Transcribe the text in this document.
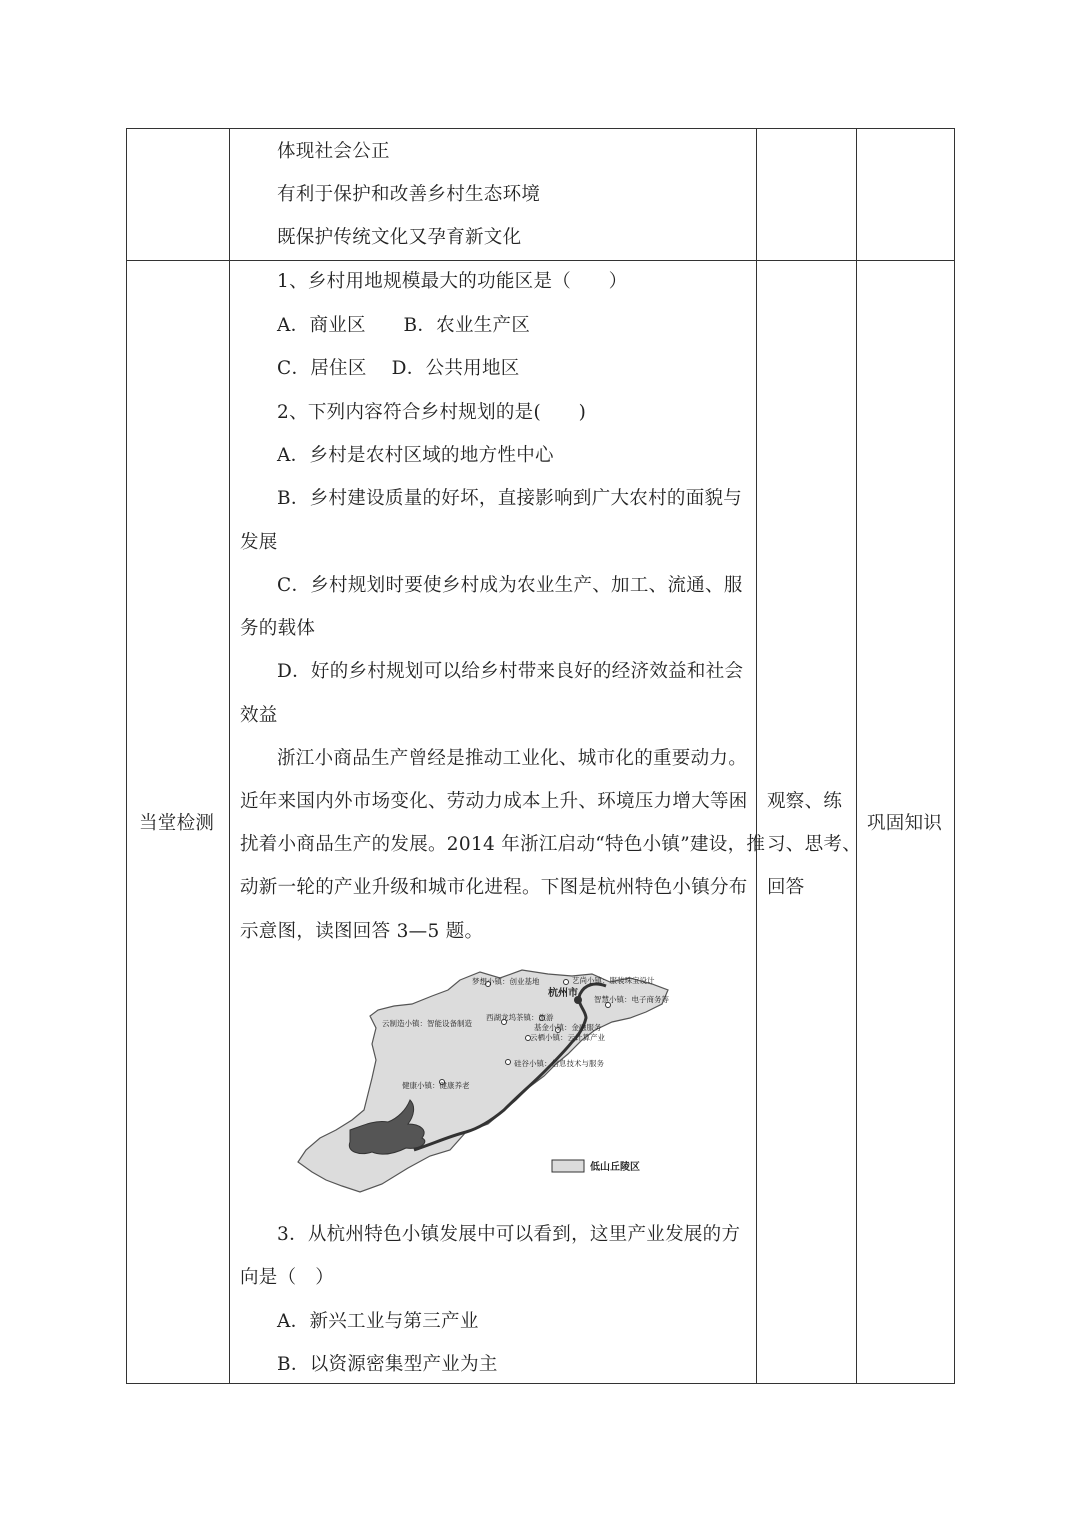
体现社会公正
有利于保护和改善乡村生态环境
既保护传统文化又孕育新文化
当堂检测
1、乡村用地规模最大的功能区是（　　）
A．商业区　　B．农业生产区
C．居住区　 D．公共用地区
2、下列内容符合乡村规划的是(　　)
A．乡村是农村区域的地方性中心
B．乡村建设质量的好坏，直接影响到广大农村的面貌与
发展
C．乡村规划时要使乡村成为农业生产、加工、流通、服
务的载体
D．好的乡村规划可以给乡村带来良好的经济效益和社会
效益
浙江小商品生产曾经是推动工业化、城市化的重要动力。
近年来国内外市场变化、劳动力成本上升、环境压力增大等困
扰着小商品生产的发展。2014 年浙江启动“特色小镇”建设，推
动新一轮的产业升级和城市化进程。下图是杭州特色小镇分布
示意图，读图回答 3—5 题。
3．从杭州特色小镇发展中可以看到，这里产业发展的方
向是（　）
A．新兴工业与第三产业
B．以资源密集型产业为主
观察、练
习、思考、
回答
巩固知识
梦想小镇：创业基地	艺尚小镇：服装珠宝设计
杭州市
智慧小镇：电子商务等
西湖龙坞茶镇：旅游
云制造小镇：智能设备制造	基金小镇：金融服务
云栖小镇：云计算产业
硅谷小镇：信息技术与服务
健康小镇：健康养老
低山丘陵区
